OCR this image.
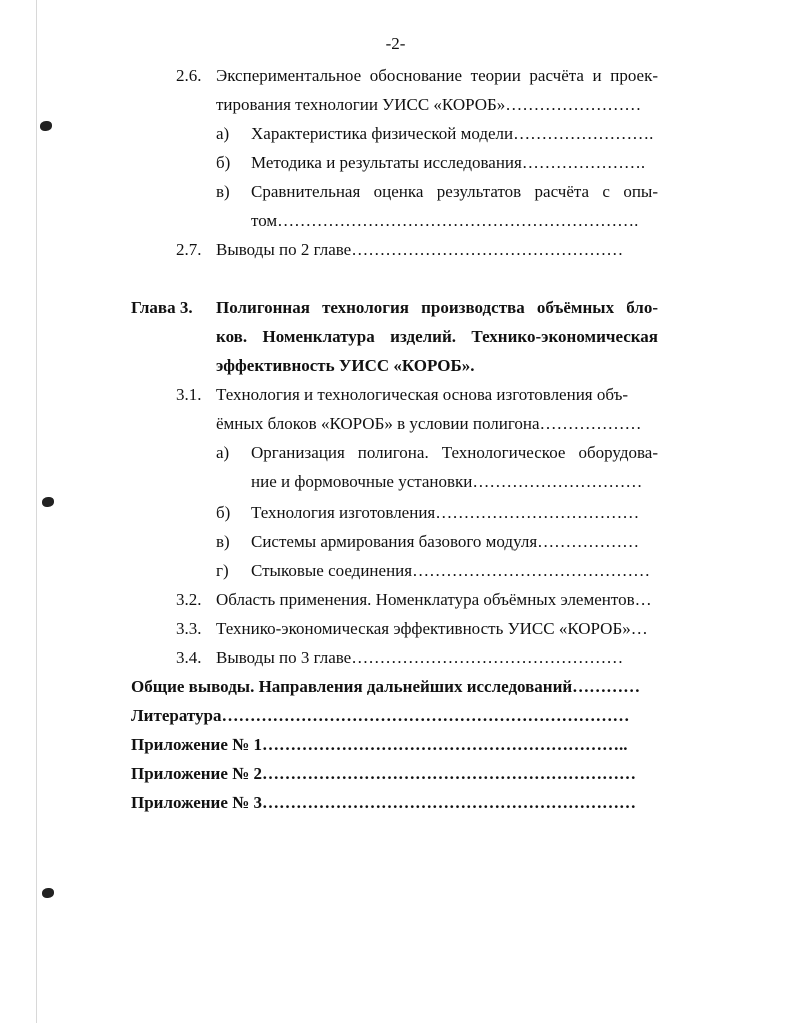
-2-
2.6. Экспериментальное обоснование теории расчёта и проек-
тирования технологии УИСС «КОРОБ»……………………
а) Характеристика физической модели…………………….
б) Методика и результаты исследования………………….
в) Сравнительная оценка результатов расчёта с опы-
том……………………………………………………….
2.7. Выводы по 2 главе…………………………………………
Глава 3. Полигонная технология производства объёмных бло-
ков. Номенклатура изделий. Технико-экономическая
эффективность УИСС «КОРОБ».
3.1. Технология и технологическая основа изготовления объ-
ёмных блоков «КОРОБ» в условии полигона………………
а) Организация полигона. Технологическое оборудова-
ние и формовочные установки…………………………
б) Технология изготовления………………………………
в) Системы армирования базового модуля………………
г) Стыковые соединения……………………………………
3.2. Область применения. Номенклатура объёмных элементов…
3.3. Технико-экономическая эффективность УИСС «КОРОБ»…
3.4. Выводы по 3 главе…………………………………………
Общие выводы. Направления дальнейших исследований…………
Литература………………………………………………………………
Приложение № 1………………………………………………………..
Приложение № 2…………………………………………………………
Приложение № 3…………………………………………………………
